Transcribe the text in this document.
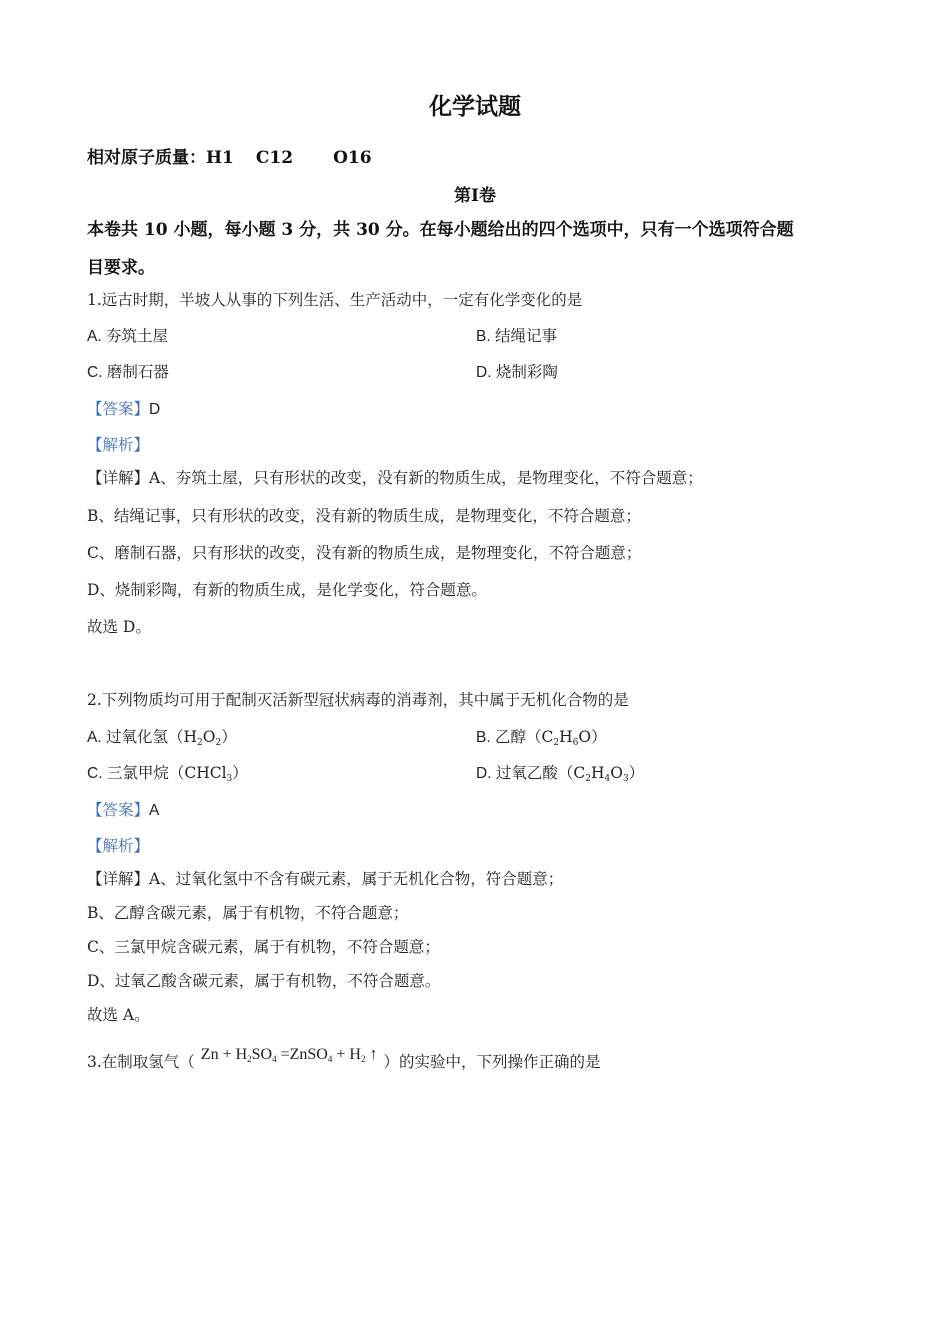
化学试题
相对原子质量：H1 C12 O16
第Ⅰ卷
本卷共 10 小题，每小题 3 分，共 30 分。在每小题给出的四个选项中，只有一个选项符合题
目要求。
1.远古时期，半坡人从事的下列生活、生产活动中，一定有化学变化的是
A. 夯筑土屋	B. 结绳记事
C. 磨制石器	D. 烧制彩陶
【答案】D
【解析】
【详解】A、夯筑土屋，只有形状的改变，没有新的物质生成，是物理变化，不符合题意；
B、结绳记事，只有形状的改变，没有新的物质生成，是物理变化，不符合题意；
C、磨制石器，只有形状的改变，没有新的物质生成，是物理变化，不符合题意；
D、烧制彩陶，有新的物质生成，是化学变化，符合题意。
故选 D。
2.下列物质均可用于配制灭活新型冠状病毒的消毒剂，其中属于无机化合物的是
A. 过氧化氢$(H_2O_2)$	B. 乙醇$(C_2H_6O)$
C. 三氯甲烷（CHCl$_3$）	D. 过氧乙酸$(C_2H_4O_3)$
【答案】A
【解析】
【详解】A、过氧化氢中不含有碳元素，属于无机化合物，符合题意；
B、乙醇含碳元素，属于有机物，不符合题意；
C、三氯甲烷含碳元素，属于有机物，不符合题意；
D、过氧乙酸含碳元素，属于有机物，不符合题意。
故选 A。
3.在制取氢气（ $Zn + H_2SO_4$ =ZnSO$_4$ + $H_2$ ↑ ）的实验中，下列操作正确的是
